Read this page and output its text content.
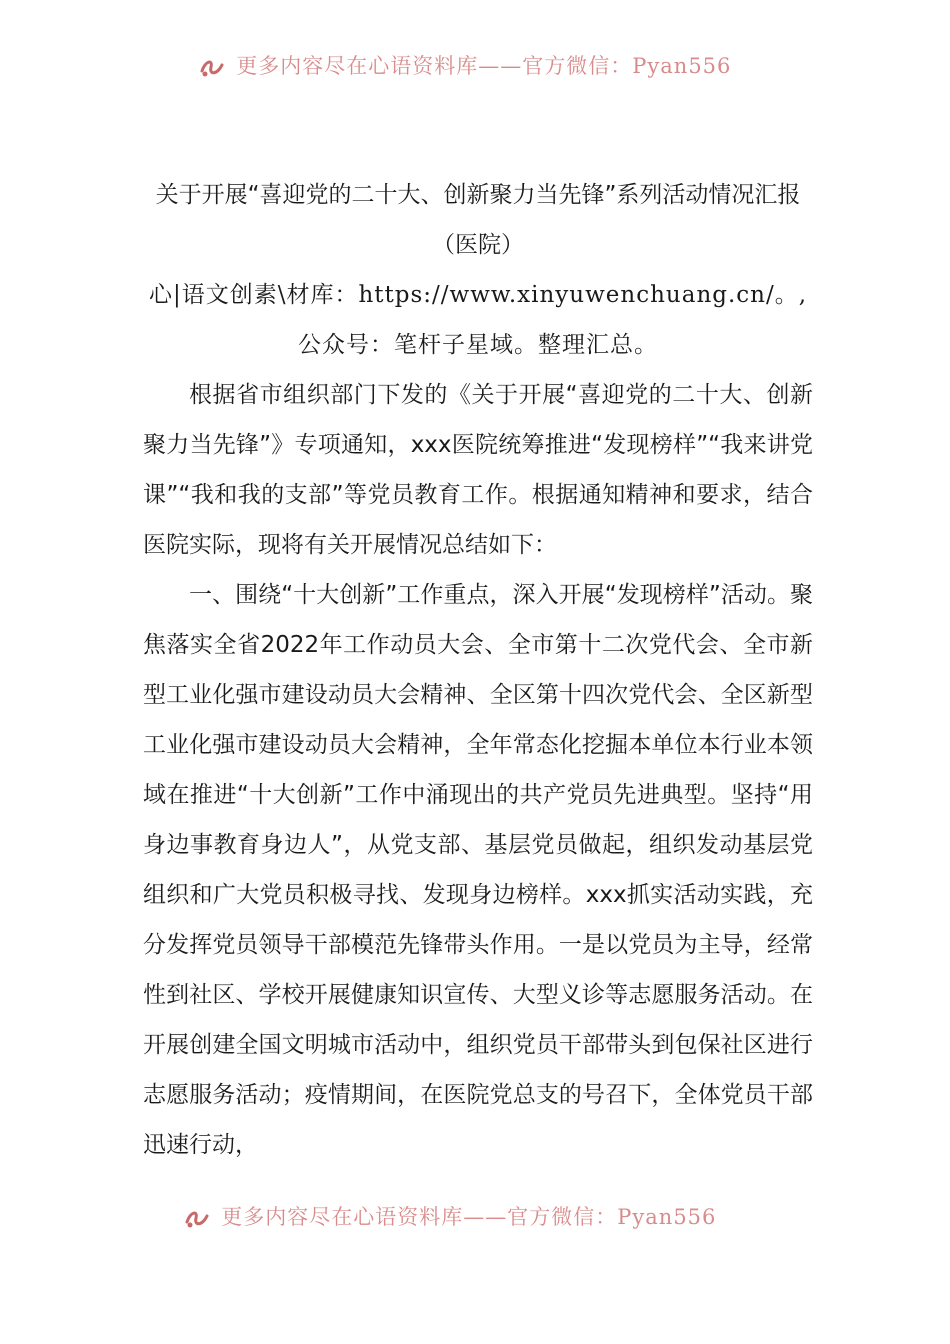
更多内容尽在心语资料库——官方微信：Pyan556
关于开展“喜迎党的二十大、创新聚力当先锋”系列活动情况汇报（医院）

心|语文创素\材库：https://www.xinyuwenchuang.cn/。,公众号：笔杆子星域。整理汇总。

根据省市组织部门下发的《关于开展“喜迎党的二十大、创新聚力当先锋”》专项通知，xxx医院统筹推进“发现榜样”“我来讲党课”“我和我的支部”等党员教育工作。根据通知精神和要求，结合医院实际，现将有关开展情况总结如下：

一、围绕“十大创新”工作重点，深入开展“发现榜样”活动。聚焦落实全省2022年工作动员大会、全市第十二次党代会、全市新型工业化强市建设动员大会精神、全区第十四次党代会、全区新型工业化强市建设动员大会精神，全年常态化挖掘本单位本行业本领域在推进“十大创新”工作中涌现出的共产党员先进典型。坚持“用身边事教育身边人”，从党支部、基层党员做起，组织发动基层党组织和广大党员积极寻找、发现身边榜样。xxx抓实活动实践，充分发挥党员领导干部模范先锋带头作用。一是以党员为主导，经常性到社区、学校开展健康知识宣传、大型义诊等志愿服务活动。在开展创建全国文明城市活动中，组织党员干部带头到包保社区进行志愿服务活动；疫情期间，在医院党总支的号召下，全体党员干部迅速行动，

更多内容尽在心语资料库——官方微信：Pyan556
